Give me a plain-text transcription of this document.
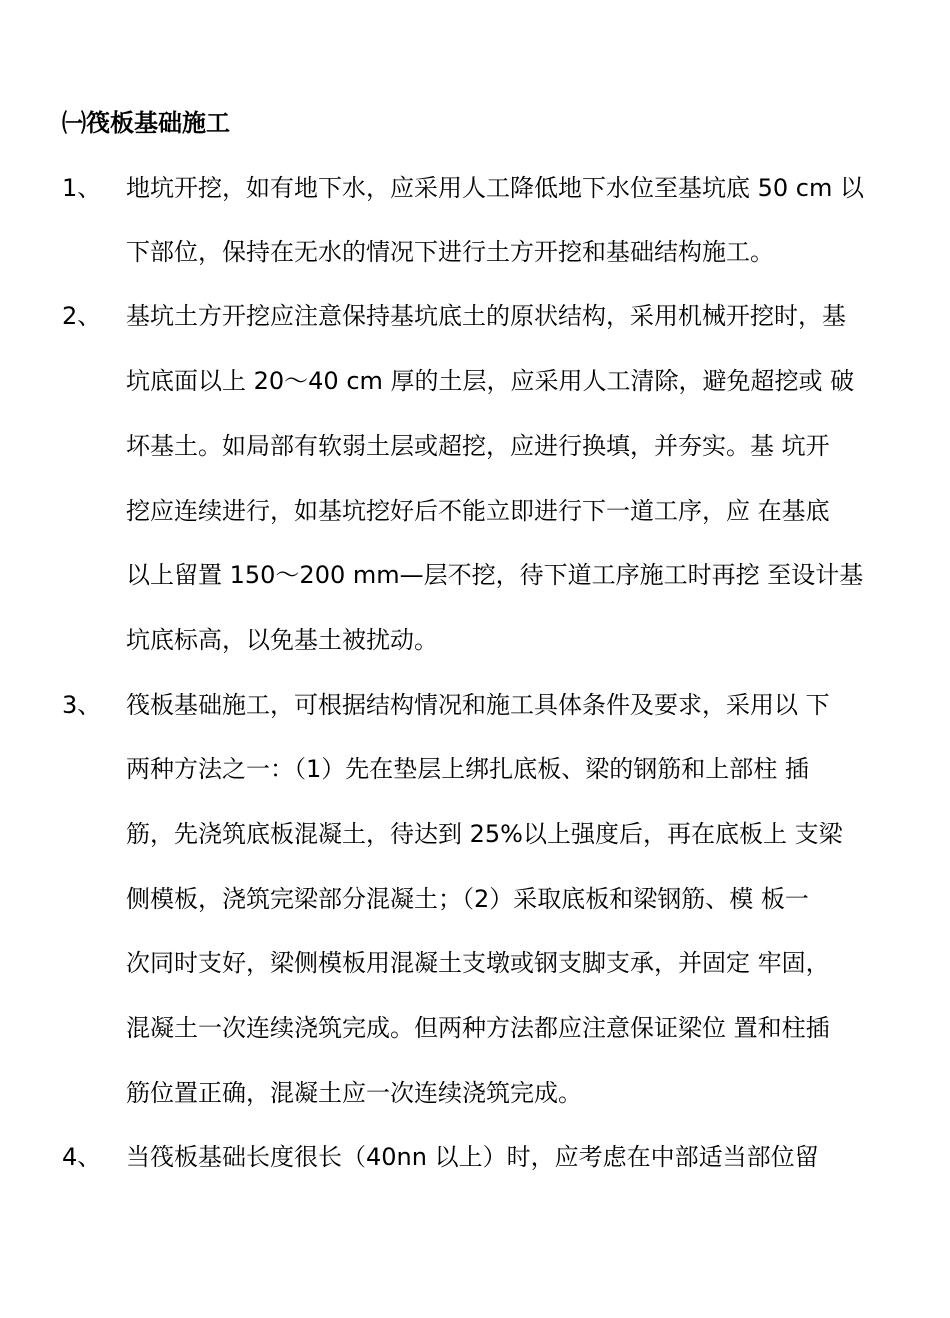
㈠筏板基础施工
1、 地坑开挖，如有地下水，应采用人工降低地下水位至基坑底 50 cm 以
下部位，保持在无水的情况下进行土方开挖和基础结构施工。
2、 基坑土方开挖应注意保持基坑底土的原状结构，采用机械开挖时，基
坑底面以上 20〜40 cm 厚的土层，应采用人工清除，避免超挖或 破
坏基土。如局部有软弱土层或超挖，应进行换填，并夯实。基 坑开
挖应连续进行，如基坑挖好后不能立即进行下一道工序，应 在基底
以上留置 150〜200 mm—层不挖，待下道工序施工时再挖 至设计基
坑底标高，以免基土被扰动。
3、 筏板基础施工，可根据结构情况和施工具体条件及要求，采用以 下
两种方法之一：（1）先在垫层上绑扎底板、梁的钢筋和上部柱 插
筋，先浇筑底板混凝土，待达到 25%以上强度后，再在底板上 支梁
侧模板，浇筑完梁部分混凝土；（2）采取底板和梁钢筋、模 板一
次同时支好，梁侧模板用混凝土支墩或钢支脚支承，并固定 牢固，
混凝土一次连续浇筑完成。但两种方法都应注意保证梁位 置和柱插
筋位置正确，混凝土应一次连续浇筑完成。
4、 当筏板基础长度很长（40nn 以上）时，应考虑在中部适当部位留
